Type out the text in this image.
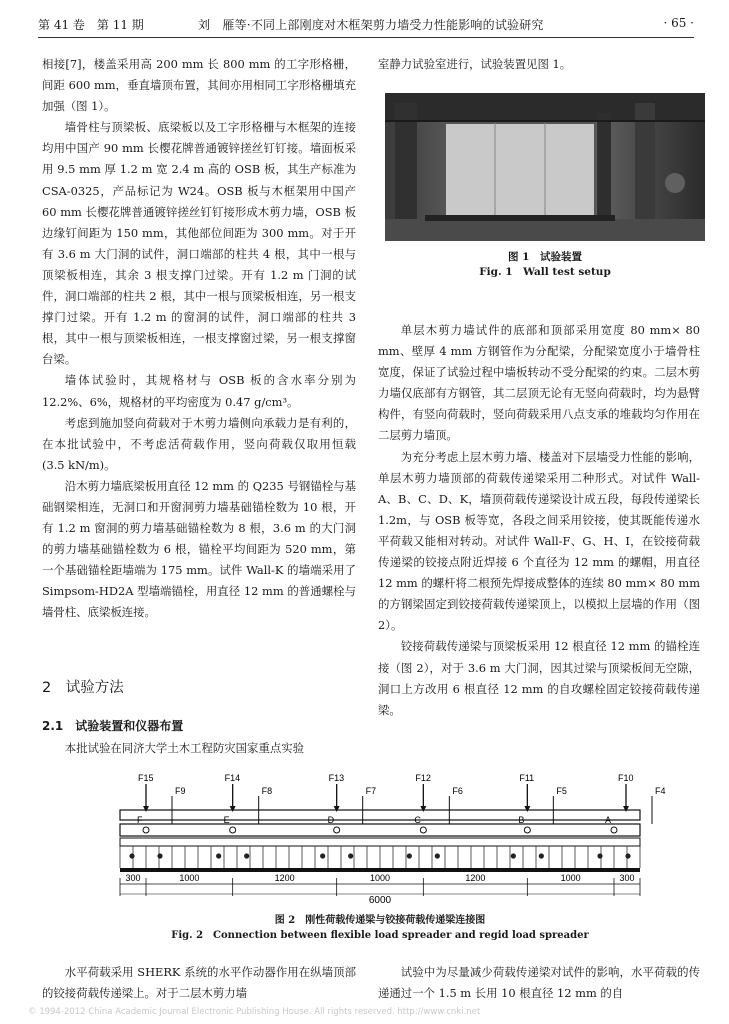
第 41 卷　第 11 期	刘　雁等·不同上部刚度对木框架剪力墙受力性能影响的试验研究	· 65 ·

相接[7]，楼盖采用高 200 mm 长 800 mm 的工字形格栅，间距 600 mm，垂直墙顶布置，其间亦用相同工字形格栅填充加强（图 1）。

墙骨柱与顶梁板、底梁板以及工字形格栅与木框架的连接均用中国产 90 mm 长樱花牌普通镀锌搓丝钉钉接。墙面板采用 9.5 mm 厚 1.2 m 宽 2.4 m 高的 OSB 板，其生产标准为 CSA-0325，产品标记为 W24。OSB 板与木框架用中国产 60 mm 长樱花牌普通镀锌搓丝钉钉接形成木剪力墙，OSB 板边缘钉间距为 150 mm，其他部位间距为 300 mm。对于开有 3.6 m 大门洞的试件，洞口端部的柱共 4 根，其中一根与顶梁板相连，其余 3 根支撑门过梁。开有 1.2 m 门洞的试件，洞口端部的柱共 2 根，其中一根与顶梁板相连，另一根支撑门过梁。开有 1.2 m 的窗洞的试件，洞口端部的柱共 3 根，其中一根与顶梁板相连，一根支撑窗过梁，另一根支撑窗台梁。

墙体试验时，其规格材与 OSB 板的含水率分别为 12.2%、6%，规格材的平均密度为 0.47 g/cm³。

考虑到施加竖向荷载对于木剪力墙侧向承载力是有利的，在本批试验中，不考虑活荷载作用，竖向荷载仅取用恒载　(3.5 kN/m)。

沿木剪力墙底梁板用直径 12 mm 的 Q235 号钢锚栓与基础钢梁相连，无洞口和开窗洞剪力墙基础锚栓数为 10 根，开有 1.2 m 窗洞的剪力墙基础锚栓数为 8 根，3.6 m 的大门洞的剪力墙基础锚栓数为 6 根，锚栓平均间距为 520 mm，第一个基础锚栓距墙端为 175 mm。试件 Wall-K 的墙端采用了 Simpsom-HD2A 型墙端锚栓，用直径 12 mm 的普通螺栓与墙骨柱、底梁板连接。

2　试验方法
2.1　试验装置和仪器布置
本批试验在同济大学土木工程防灾国家重点实验

室静力试验室进行，试验装置见图 1。

图 1　试验装置
Fig. 1　Wall test setup

单层木剪力墙试件的底部和顶部采用宽度 80 mm× 80 mm、壁厚 4 mm 方钢管作为分配梁，分配梁宽度小于墙骨柱宽度，保证了试验过程中墙板转动不受分配梁的约束。二层木剪力墙仅底部有方钢管，其二层顶无论有无竖向荷载时，均为悬臂构件，有竖向荷载时，竖向荷载采用八点支承的堆载均匀作用在二层剪力墙顶。

为充分考虑上层木剪力墙、楼盖对下层墙受力性能的影响，单层木剪力墙顶部的荷载传递梁采用二种形式。对试件 Wall-A、B、C、D、K，墙顶荷载传递梁设计成五段，每段传递梁长 1.2m，与 OSB 板等宽，各段之间采用铰接，使其既能传递水平荷载又能相对转动。对试件 Wall-F、G、H、I，在铰接荷载传递梁的铰接点附近焊接 6 个直径为 12 mm 的螺帽，用直径 12 mm 的螺杆将二根预先焊接成整体的连续 80 mm× 80 mm 的方钢梁固定到铰接荷载传递梁顶上，以模拟上层墙的作用（图 2）。

铰接荷载传递梁与顶梁板采用 12 根直径 12 mm 的锚栓连接（图 2），对于 3.6 m 大门洞，因其过梁与顶梁板间无空隙，洞口上方改用 6 根直径 12 mm 的自攻螺栓固定铰接荷载传递梁。

F15
F9
F14
F8
F13
F7
F12
F6
F11
F5
F10
F4
300	1000	1200	1000	1200	1000	300
6000
F	E	D	C	B	A
图 2　刚性荷载传递梁与铰接荷载传递梁连接图
Fig. 2　Connection between flexible load spreader and regid load spreader

水平荷载采用 SHERK 系统的水平作动器作用在纵墙顶部的铰接荷载传递梁上。对于二层木剪力墙

试验中为尽量减少荷载传递梁对试件的影响，水平荷载的传递通过一个 1.5 m 长用 10 根直径 12 mm 的自

© 1994-2012 China Academic Journal Electronic Publishing House. All rights reserved. http://www.cnki.net
